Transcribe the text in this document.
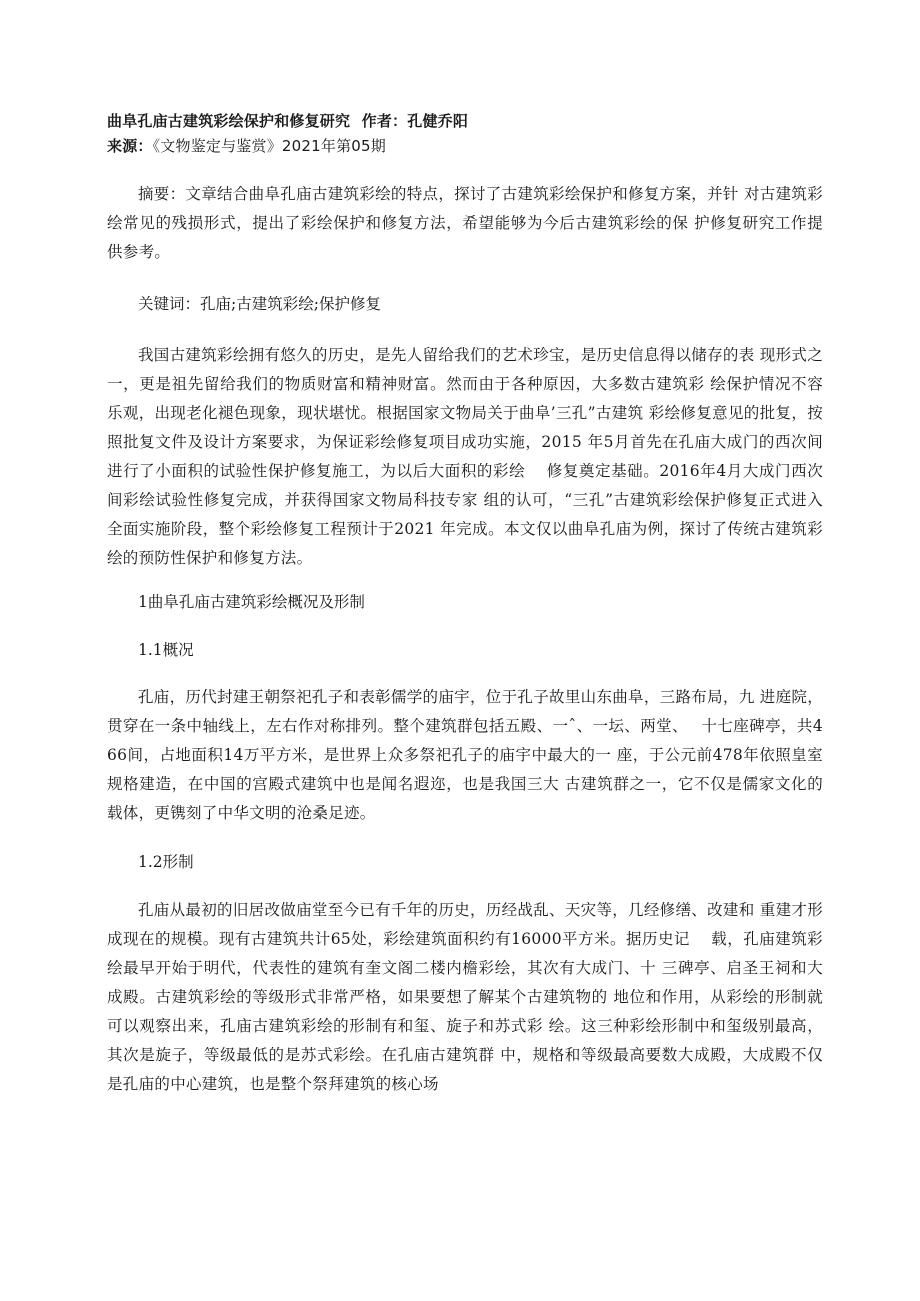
曲阜孔庙古建筑彩绘保护和修复研究 作者：孔健乔阳
来源：《文物鉴定与鉴赏》2021年第05期
摘要：文章结合曲阜孔庙古建筑彩绘的特点，探讨了古建筑彩绘保护和修复方案，并针 对古建筑彩绘常见的残损形式，提出了彩绘保护和修复方法，希望能够为今后古建筑彩绘的保 护修复研究工作提供参考。
关键词：孔庙;古建筑彩绘;保护修复
我国古建筑彩绘拥有悠久的历史，是先人留给我们的艺术珍宝，是历史信息得以储存的表 现形式之一，更是祖先留给我们的物质财富和精神财富。然而由于各种原因，大多数古建筑彩 绘保护情况不容乐观，出现老化褪色现象，现状堪忧。根据国家文物局关于曲阜’三孔”古建筑 彩绘修复意见的批复，按照批复文件及设计方案要求，为保证彩绘修复项目成功实施，2015 年5月首先在孔庙大成门的西次间进行了小面积的试验性保护修复施工，为以后大面积的彩绘　 修复奠定基础。2016年4月大成门西次间彩绘试验性修复完成，并获得国家文物局科技专家 组的认可，“三孔”古建筑彩绘保护修复正式进入全面实施阶段，整个彩绘修复工程预计于2021 年完成。本文仅以曲阜孔庙为例，探讨了传统古建筑彩绘的预防性保护和修复方法。
1曲阜孔庙古建筑彩绘概况及形制
1.1概况
孔庙，历代封建王朝祭祀孔子和表彰儒学的庙宇，位于孔子故里山东曲阜，三路布局，九 进庭院，贯穿在一条中轴线上，左右作对称排列。整个建筑群包括五殿、一ˆ、一坛、两堂、　 十七座碑亭，共466间，占地面积14万平方米，是世界上众多祭祀孔子的庙宇中最大的一 座，于公元前478年依照皇室规格建造，在中国的宫殿式建筑中也是闻名遐迩，也是我国三大 古建筑群之一，它不仅是儒家文化的载体，更镌刻了中华文明的沧桑足迹。
1.2形制
孔庙从最初的旧居改做庙堂至今已有千年的历史，历经战乱、天灾等，几经修缮、改建和 重建才形成现在的规模。现有古建筑共计65处，彩绘建筑面积约有16000平方米。据历史记　 载，孔庙建筑彩绘最早开始于明代，代表性的建筑有奎文阁二楼内檐彩绘，其次有大成门、十 三碑亭、启圣王祠和大成殿。古建筑彩绘的等级形式非常严格，如果要想了解某个古建筑物的 地位和作用，从彩绘的形制就可以观察出来，孔庙古建筑彩绘的形制有和玺、旋子和苏式彩 绘。这三种彩绘形制中和玺级别最高，其次是旋子，等级最低的是苏式彩绘。在孔庙古建筑群 中，规格和等级最高要数大成殿，大成殿不仅是孔庙的中心建筑，也是整个祭拜建筑的核心场
